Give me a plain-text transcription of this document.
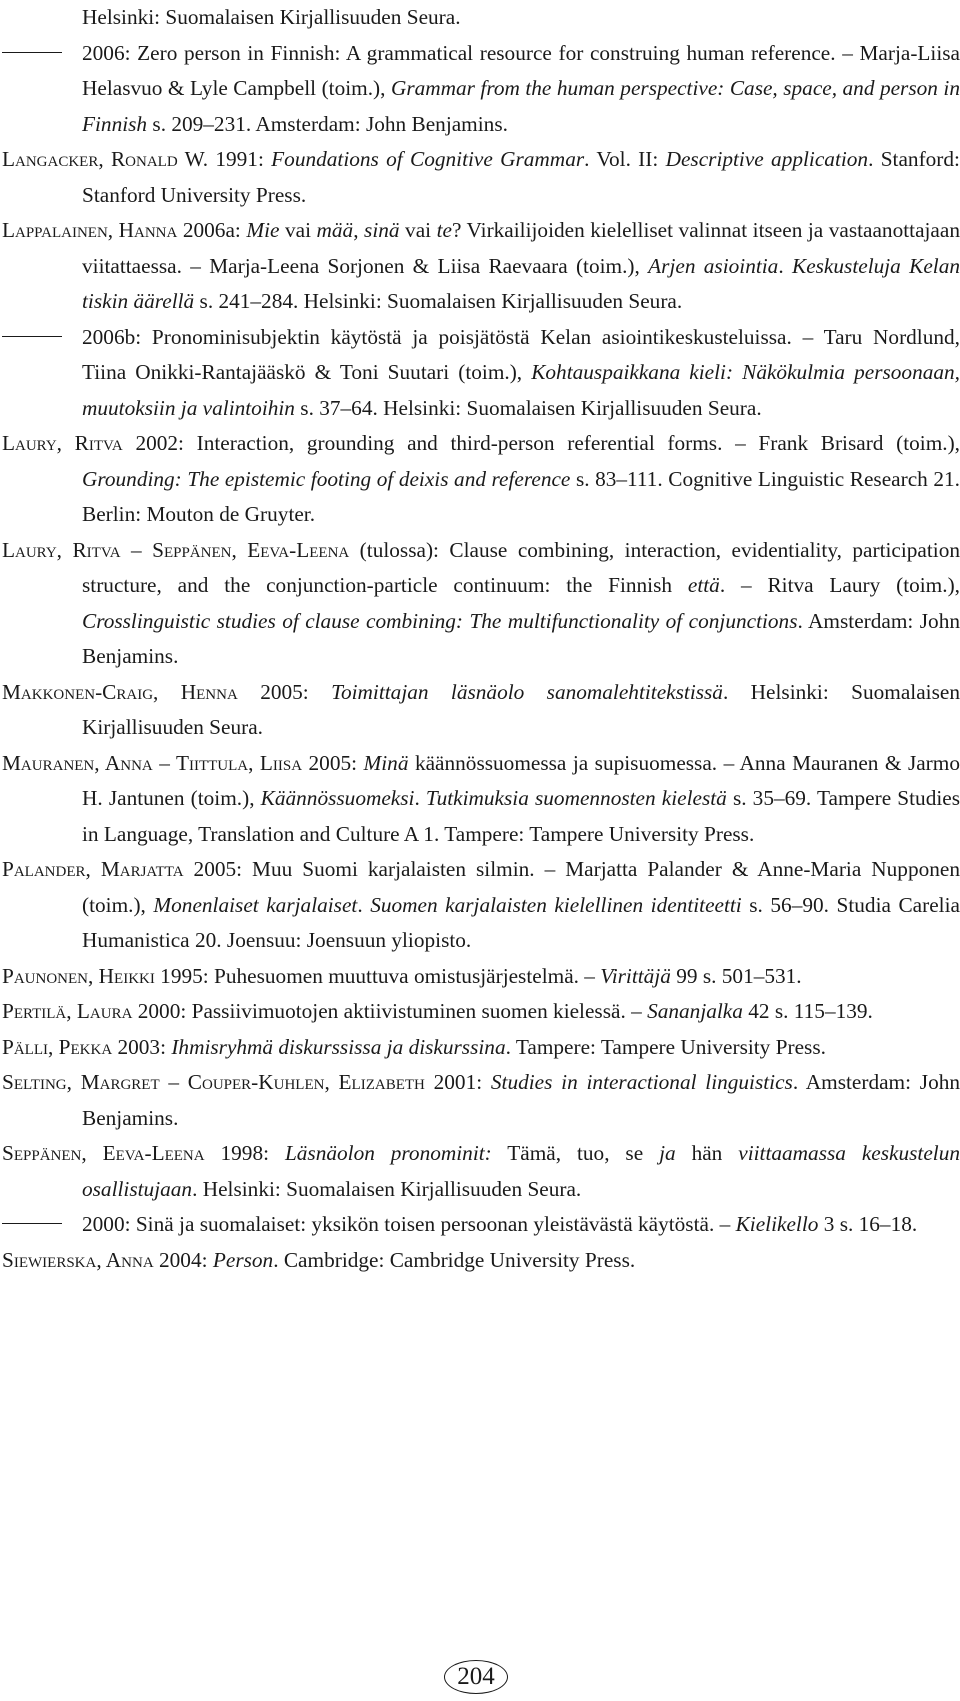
Helsinki: Suomalaisen Kirjallisuuden Seura.
2006: Zero person in Finnish: A grammatical resource for construing human reference. – Marja-Liisa Helasvuo & Lyle Campbell (toim.), Grammar from the human perspective: Case, space, and person in Finnish s. 209–231. Amsterdam: John Benjamins.
Langacker, Ronald W. 1991: Foundations of Cognitive Grammar. Vol. II: Descriptive application. Stanford: Stanford University Press.
Lappalainen, Hanna 2006a: Mie vai mää, sinä vai te? Virkailijoiden kielelliset valinnat itseen ja vastaanottajaan viitattaessa. – Marja-Leena Sorjonen & Liisa Raevaara (toim.), Arjen asiointia. Keskusteluja Kelan tiskin äärellä s. 241–284. Helsinki: Suomalaisen Kirjallisuuden Seura.
2006b: Pronominisubjektin käytöstä ja poisjätöstä Kelan asiointikeskusteluissa. – Taru Nordlund, Tiina Onikki-Rantajääskö & Toni Suutari (toim.), Kohtauspaikkana kieli: Näkökulmia persoonaan, muutoksiin ja valintoihin s. 37–64. Helsinki: Suomalaisen Kirjallisuuden Seura.
Laury, Ritva 2002: Interaction, grounding and third-person referential forms. – Frank Brisard (toim.), Grounding: The epistemic footing of deixis and reference s. 83–111. Cognitive Linguistic Research 21. Berlin: Mouton de Gruyter.
Laury, Ritva – Seppänen, Eeva-Leena (tulossa): Clause combining, interaction, evidentiality, participation structure, and the conjunction-particle continuum: the Finnish että. – Ritva Laury (toim.), Crosslinguistic studies of clause combining: The multifunctionality of conjunctions. Amsterdam: John Benjamins.
Makkonen-Craig, Henna 2005: Toimittajan läsnäolo sanomalehtitekstissä. Helsinki: Suomalaisen Kirjallisuuden Seura.
Mauranen, Anna – Tiittula, Liisa 2005: Minä käännössuomessa ja supisuomessa. – Anna Mauranen & Jarmo H. Jantunen (toim.), Käännössuomeksi. Tutkimuksia suomennosten kielestä s. 35–69. Tampere Studies in Language, Translation and Culture A 1. Tampere: Tampere University Press.
Palander, Marjatta 2005: Muu Suomi karjalaisten silmin. – Marjatta Palander & Anne-Maria Nupponen (toim.), Monenlaiset karjalaiset. Suomen karjalaisten kielellinen identiteetti s. 56–90. Studia Carelia Humanistica 20. Joensuu: Joensuun yliopisto.
Paunonen, Heikki 1995: Puhesuomen muuttuva omistusjärjestelmä. – Virittäjä 99 s. 501–531.
Pertilä, Laura 2000: Passiivimuotojen aktiivistuminen suomen kielessä. – Sananjalka 42 s. 115–139.
Pälli, Pekka 2003: Ihmisryhmä diskurssissa ja diskurssina. Tampere: Tampere University Press.
Selting, Margret – Couper-Kuhlen, Elizabeth 2001: Studies in interactional linguistics. Amsterdam: John Benjamins.
Seppänen, Eeva-Leena 1998: Läsnäolon pronominit: Tämä, tuo, se ja hän viittaamassa keskustelun osallistujaan. Helsinki: Suomalaisen Kirjallisuuden Seura.
2000: Sinä ja suomalaiset: yksikön toisen persoonan yleistävästä käytöstä. – Kielikello 3 s. 16–18.
Siewierska, Anna 2004: Person. Cambridge: Cambridge University Press.
204
